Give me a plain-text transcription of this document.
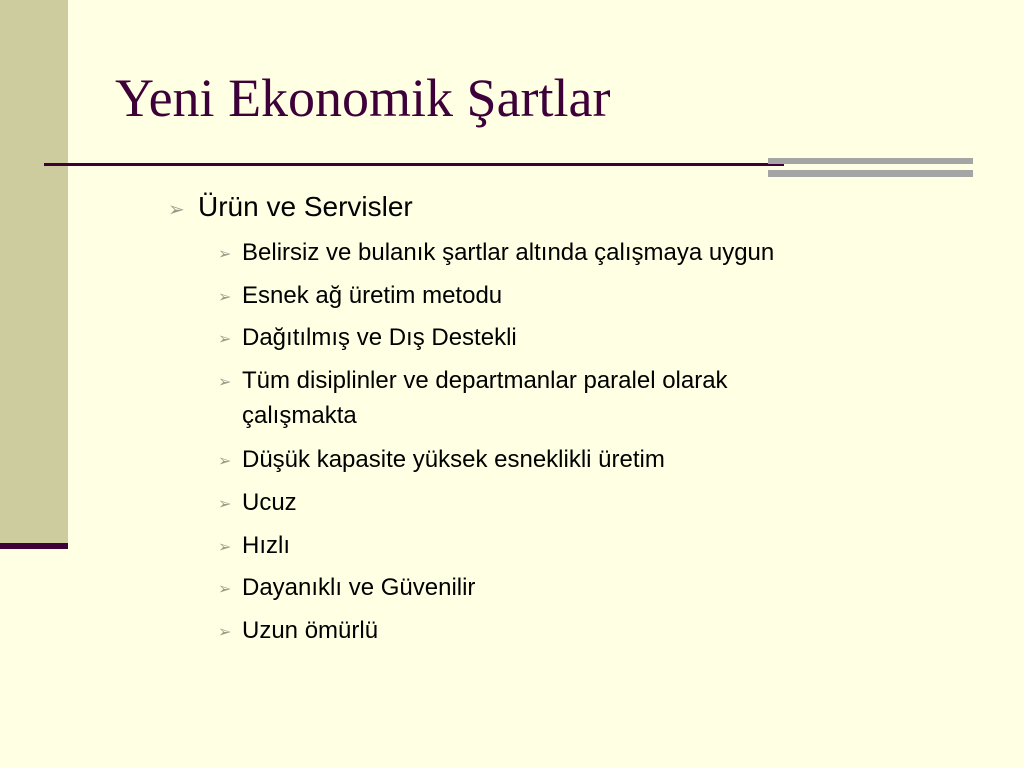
Yeni Ekonomik Şartlar
➢ Ürün ve Servisler
➢ Belirsiz ve bulanık şartlar altında çalışmaya uygun
➢ Esnek ağ üretim metodu
➢ Dağıtılmış ve Dış Destekli
➢ Tüm disiplinler ve departmanlar paralel olarak
çalışmakta
➢ Düşük kapasite yüksek esneklikli üretim
➢ Ucuz
➢ Hızlı
➢ Dayanıklı ve Güvenilir
➢ Uzun ömürlü
